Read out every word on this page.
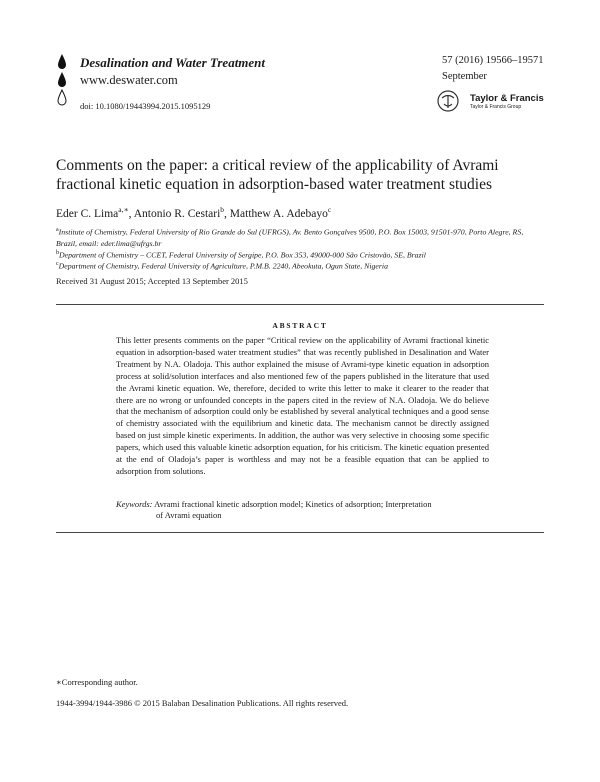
Desalination and Water Treatment
www.deswater.com
doi: 10.1080/19443994.2015.1095129
57 (2016) 19566–19571
September
Taylor & Francis
Taylor & Francis Group
Comments on the paper: a critical review of the applicability of Avrami fractional kinetic equation in adsorption-based water treatment studies
Eder C. Lima$^{a,∗}$, Antonio R. Cestari$^b$, Matthew A. Adebayo$^c$
$^a$Institute of Chemistry, Federal University of Rio Grande do Sul (UFRGS), Av. Bento Gonçalves 9500, P.O. Box 15003, 91501-970, Porto Alegre, RS, Brazil, email: eder.lima@ufrgs.br
$^b$Department of Chemistry – CCET, Federal University of Sergipe, P.O. Box 353, 49000-000 São Cristovão, SE, Brazil
$^c$Department of Chemistry, Federal University of Agriculture, P.M.B. 2240, Abeokuta, Ogun State, Nigeria
Received 31 August 2015; Accepted 13 September 2015
ABSTRACT
This letter presents comments on the paper “Critical review on the applicability of Avrami fractional kinetic equation in adsorption-based water treatment studies” that was recently published in Desalination and Water Treatment by N.A. Oladoja. This author explained the misuse of Avrami-type kinetic equation in adsorption process at solid/solution interfaces and also mentioned few of the papers published in the literature that used the Avrami kinetic equation. We, therefore, decided to write this letter to make it clearer to the reader that there are no wrong or unfounded concepts in the papers cited in the review of N.A. Oladoja. We do believe that the mechanism of adsorption could only be established by several analytical techniques and a good sense of chemistry associated with the equilibrium and kinetic data. The mechanism cannot be directly assigned based on just simple kinetic experiments. In addition, the author was very selective in choosing some specific papers, which used this valuable kinetic adsorption equation, for his criticism. The kinetic equation presented at the end of Oladoja’s paper is worthless and may not be a feasible equation that can be applied to adsorption from solutions.
Keywords: Avrami fractional kinetic adsorption model; Kinetics of adsorption; Interpretation
of Avrami equation
∗Corresponding author.
1944-3994/1944-3986 © 2015 Balaban Desalination Publications. All rights reserved.
